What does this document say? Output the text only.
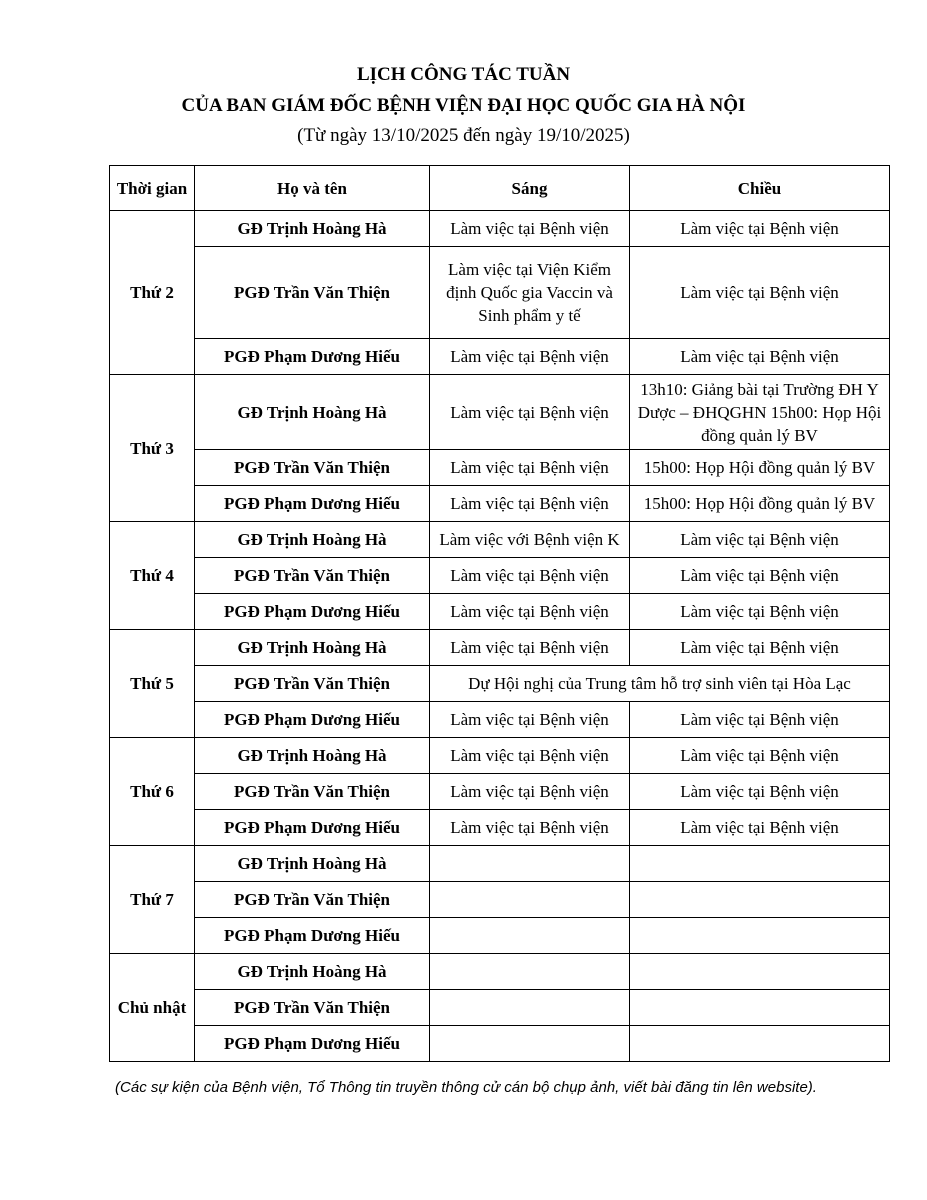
LỊCH CÔNG TÁC TUẦN
CỦA BAN GIÁM ĐỐC BỆNH VIỆN ĐẠI HỌC QUỐC GIA HÀ NỘI
(Từ ngày 13/10/2025 đến ngày 19/10/2025)
Thời gian	Họ và tên	Sáng	Chiều
Thứ 2	GĐ Trịnh Hoàng Hà	Làm việc tại Bệnh viện	Làm việc tại Bệnh viện
	PGĐ Trần Văn Thiện	Làm việc tại Viện Kiểm định Quốc gia Vaccin và Sinh phẩm y tế	Làm việc tại Bệnh viện
	PGĐ Phạm Dương Hiếu	Làm việc tại Bệnh viện	Làm việc tại Bệnh viện
Thứ 3	GĐ Trịnh Hoàng Hà	Làm việc tại Bệnh viện	13h10: Giảng bài tại Trường ĐH Y Dược – ĐHQGHN 15h00: Họp Hội đồng quản lý BV
	PGĐ Trần Văn Thiện	Làm việc tại Bệnh viện	15h00: Họp Hội đồng quản lý BV
	PGĐ Phạm Dương Hiếu	Làm việc tại Bệnh viện	15h00: Họp Hội đồng quản lý BV
Thứ 4	GĐ Trịnh Hoàng Hà	Làm việc với Bệnh viện K	Làm việc tại Bệnh viện
	PGĐ Trần Văn Thiện	Làm việc tại Bệnh viện	Làm việc tại Bệnh viện
	PGĐ Phạm Dương Hiếu	Làm việc tại Bệnh viện	Làm việc tại Bệnh viện
Thứ 5	GĐ Trịnh Hoàng Hà	Làm việc tại Bệnh viện	Làm việc tại Bệnh viện
	PGĐ Trần Văn Thiện	Dự Hội nghị của Trung tâm hỗ trợ sinh viên tại Hòa Lạc	
	PGĐ Phạm Dương Hiếu	Làm việc tại Bệnh viện	Làm việc tại Bệnh viện
Thứ 6	GĐ Trịnh Hoàng Hà	Làm việc tại Bệnh viện	Làm việc tại Bệnh viện
	PGĐ Trần Văn Thiện	Làm việc tại Bệnh viện	Làm việc tại Bệnh viện
	PGĐ Phạm Dương Hiếu	Làm việc tại Bệnh viện	Làm việc tại Bệnh viện
Thứ 7	GĐ Trịnh Hoàng Hà		
	PGĐ Trần Văn Thiện		
	PGĐ Phạm Dương Hiếu		
Chủ nhật	GĐ Trịnh Hoàng Hà		
	PGĐ Trần Văn Thiện		
	PGĐ Phạm Dương Hiếu		
(Các sự kiện của Bệnh viện, Tổ Thông tin truyền thông cử cán bộ chụp ảnh, viết bài đăng tin lên website).
